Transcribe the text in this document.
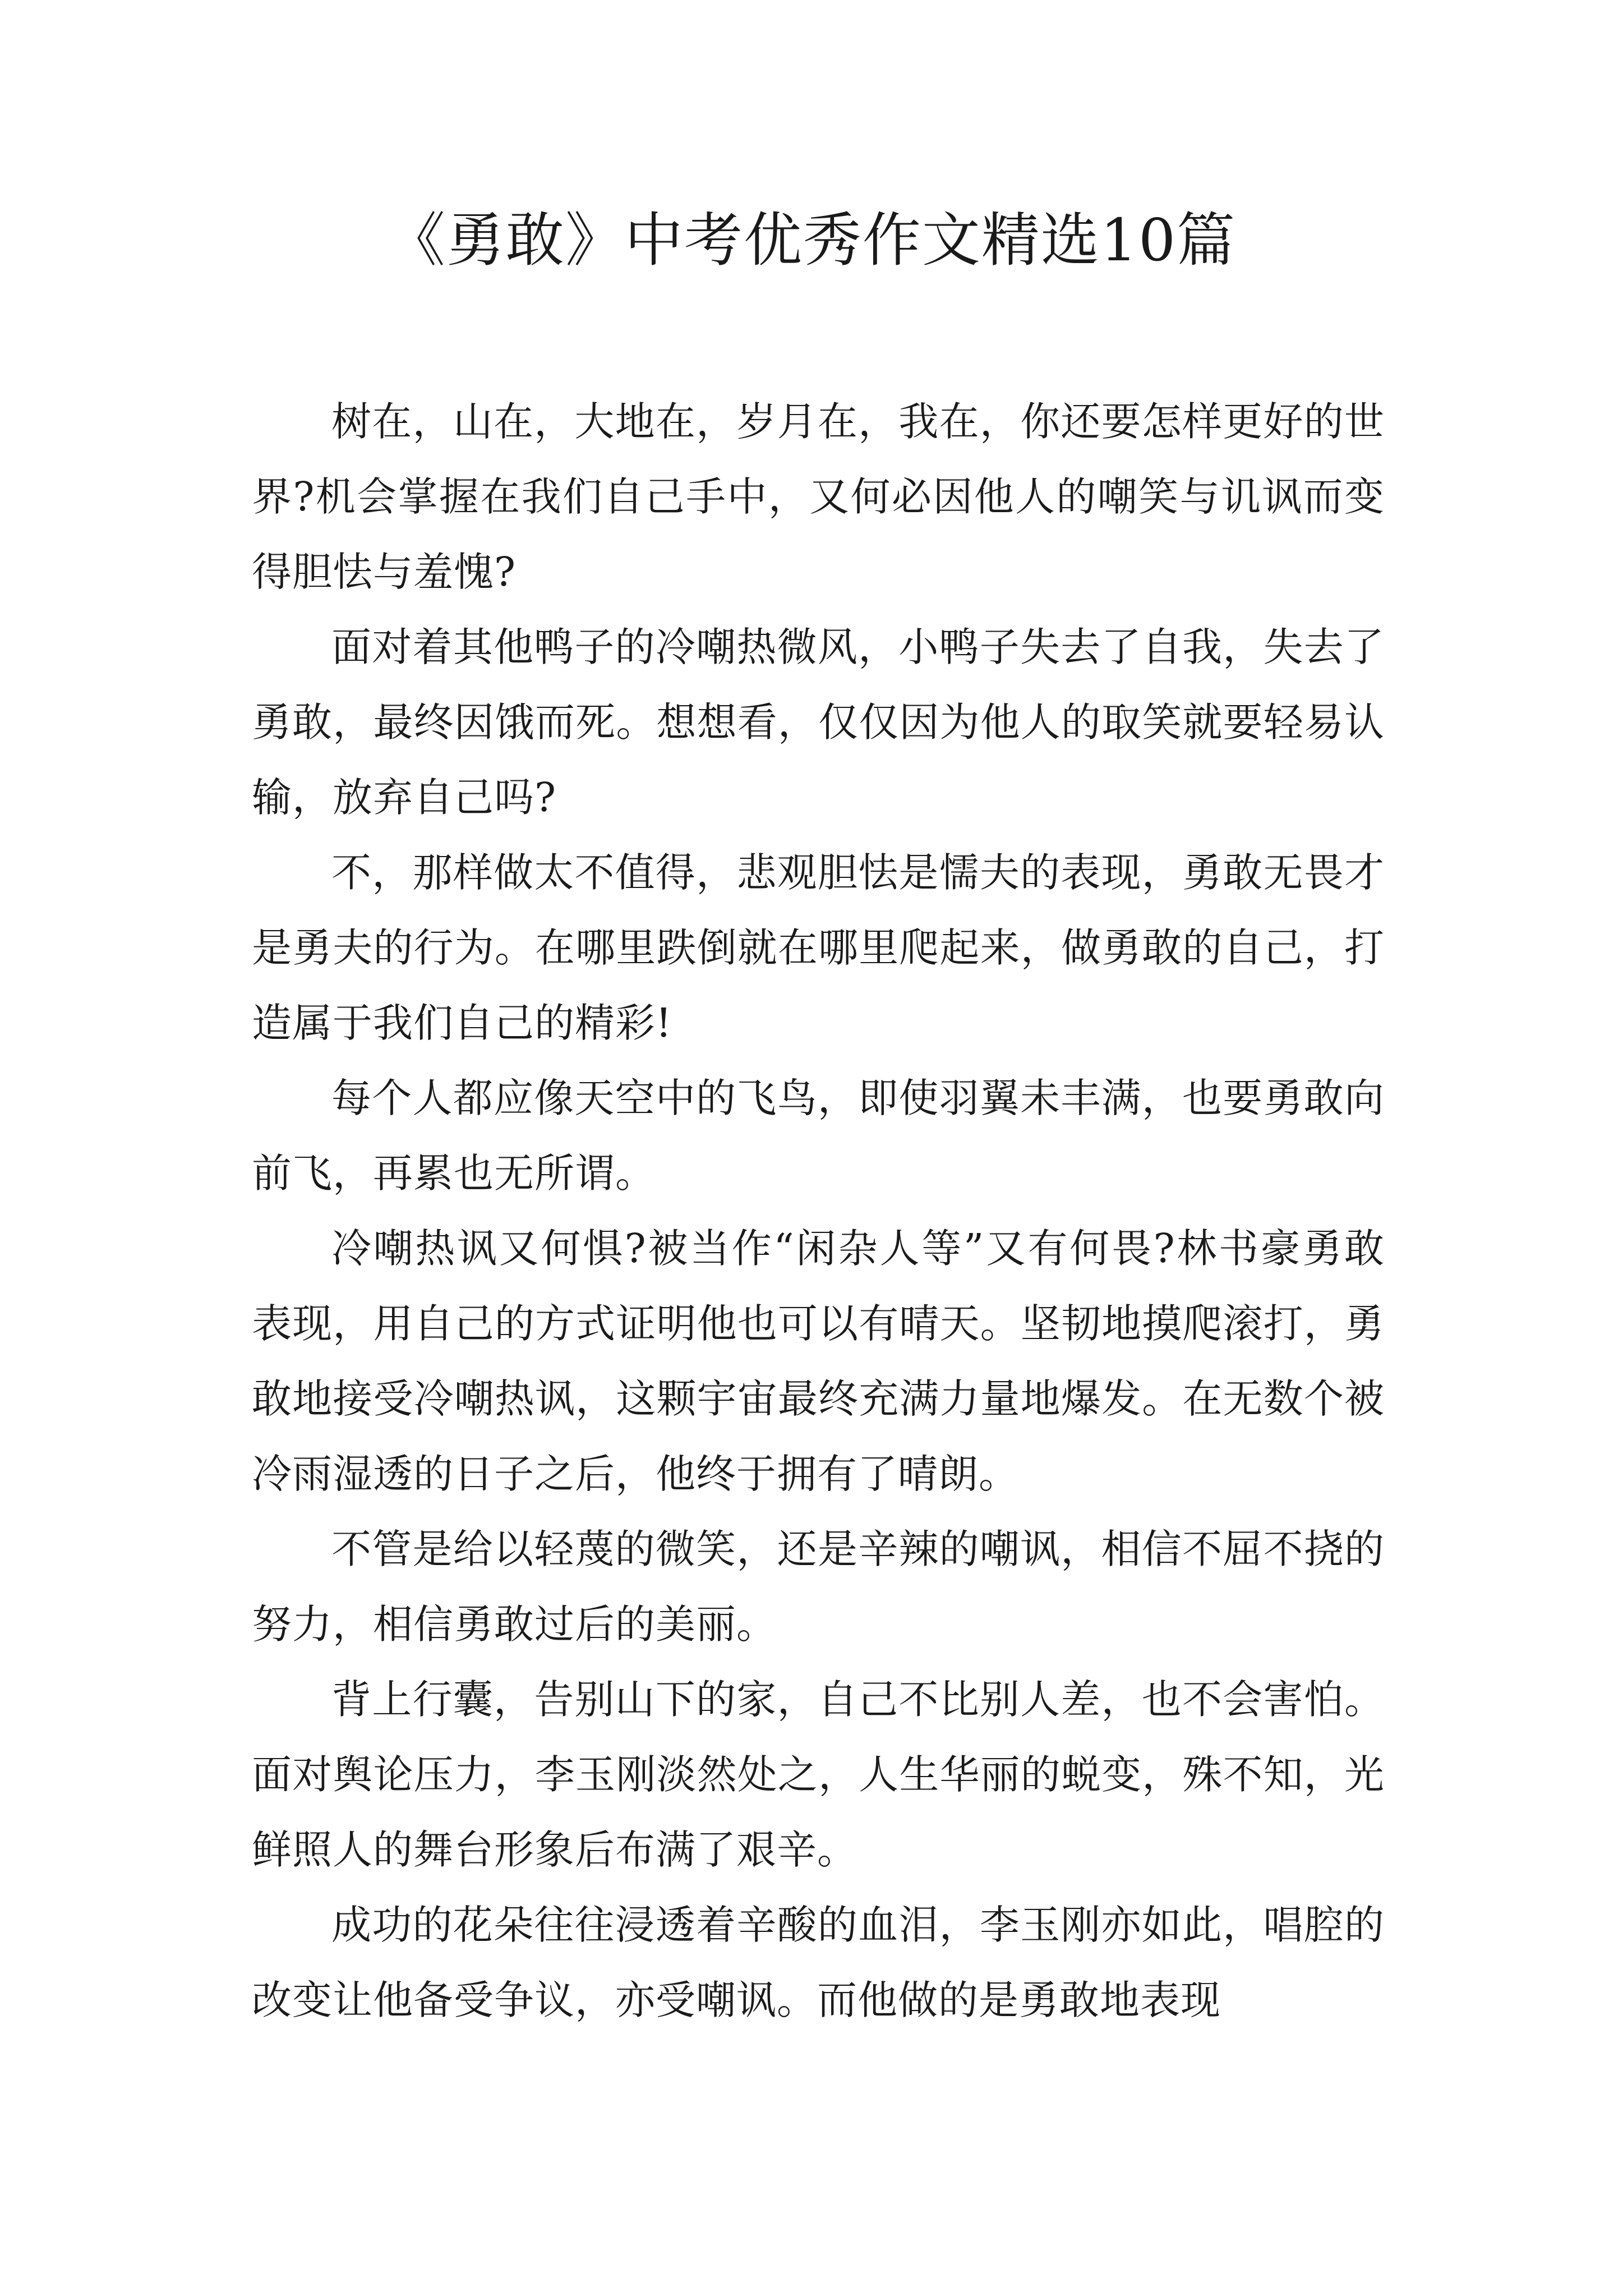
《勇敢》中考优秀作文精选10篇

树在，山在，大地在，岁月在，我在，你还要怎样更好的世界?机会掌握在我们自己手中，又何必因他人的嘲笑与讥讽而变得胆怯与羞愧?

面对着其他鸭子的冷嘲热微风，小鸭子失去了自我，失去了勇敢，最终因饿而死。想想看，仅仅因为他人的取笑就要轻易认输，放弃自己吗?

不，那样做太不值得，悲观胆怯是懦夫的表现，勇敢无畏才是勇夫的行为。在哪里跌倒就在哪里爬起来，做勇敢的自己，打造属于我们自己的精彩!

每个人都应像天空中的飞鸟，即使羽翼未丰满，也要勇敢向前飞，再累也无所谓。

冷嘲热讽又何惧?被当作“闲杂人等”又有何畏?林书豪勇敢表现，用自己的方式证明他也可以有晴天。坚韧地摸爬滚打，勇敢地接受冷嘲热讽，这颗宇宙最终充满力量地爆发。在无数个被冷雨湿透的日子之后，他终于拥有了晴朗。

不管是给以轻蔑的微笑，还是辛辣的嘲讽，相信不屈不挠的努力，相信勇敢过后的美丽。

背上行囊，告别山下的家，自己不比别人差，也不会害怕。面对舆论压力，李玉刚淡然处之，人生华丽的蜕变，殊不知，光鲜照人的舞台形象后布满了艰辛。

成功的花朵往往浸透着辛酸的血泪，李玉刚亦如此，唱腔的改变让他备受争议，亦受嘲讽。而他做的是勇敢地表现
